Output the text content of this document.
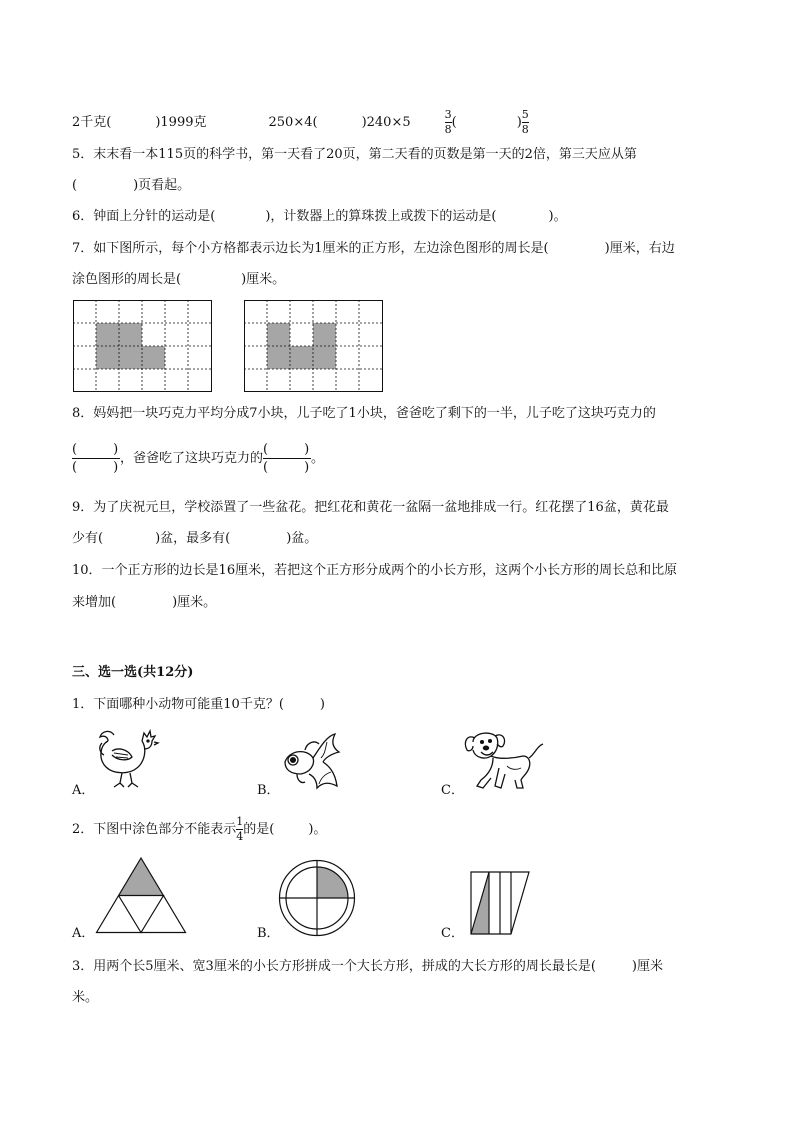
2千克(	)1999克	250×4(	)240×5	$\frac{3}{8}$ (	) $\frac{5}{8}$
5．末末看一本115页的科学书，第一天看了20页，第二天看的页数是第一天的2倍，第三天应从第
(	)页看起。
6．钟面上分针的运动是(	)，计数器上的算珠拨上或拨下的运动是(	)。
7．如下图所示，每个小方格都表示边长为1厘米的正方形，左边涂色图形的周长是(	)厘米，右边
涂色图形的周长是(	)厘米。
8．妈妈把一块巧克力平均分成7小块，儿子吃了1小块，爸爸吃了剩下的一半，儿子吃了这块巧克力的
(	)
(	)，爸爸吃了这块巧克力的(	)
(	)。
9．为了庆祝元旦，学校添置了一些盆花。把红花和黄花一盆隔一盆地排成一行。红花摆了16盆，黄花最
少有(	)盆，最多有(	)盆。
10．一个正方形的边长是16厘米，若把这个正方形分成两个的小长方形，这两个小长方形的周长总和比原
来增加(	)厘米。
三、选一选(共12分)
1．下面哪种小动物可能重10千克？(	)
A．	B．	C．
2．下图中涂色部分不能表示 $\frac{1}{4}$ 的是(	)。
A．	B．	C．
3．用两个长5厘米、宽3厘米的小长方形拼成一个大长方形，拼成的大长方形的周长最长是(	)厘米
米。
